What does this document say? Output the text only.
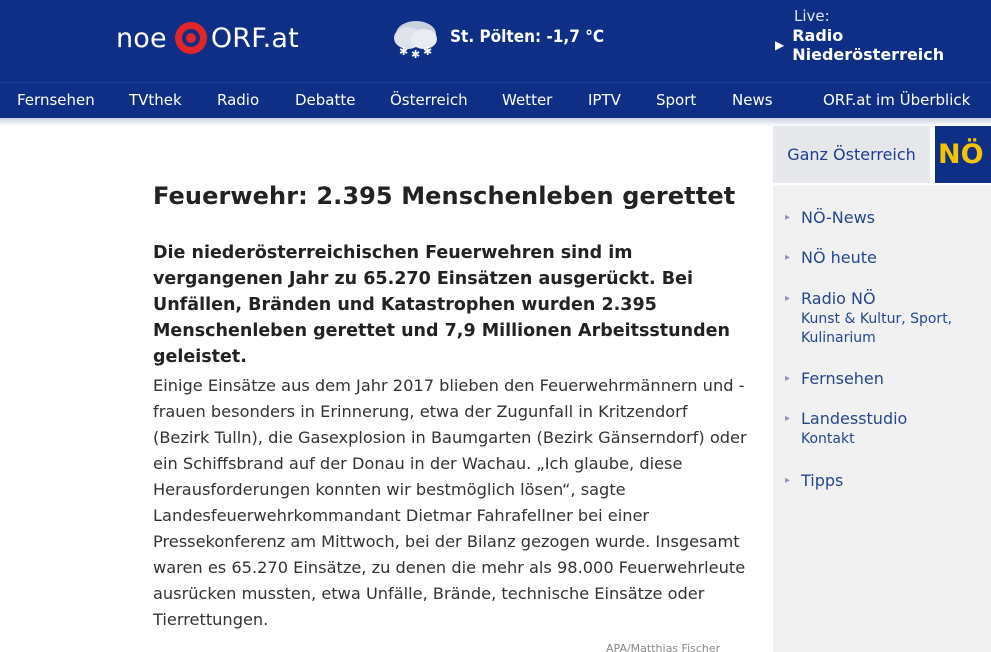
noe ORF.at	✱ ✱ ✱
St. Pölten: -1,7 °C
Live:
▶ Radio Niederösterreich
Fernsehen TVthek Radio Debatte Österreich Wetter IPTV Sport News	ORF.at im Überblick
Feuerwehr: 2.395 Menschenleben gerettet

Die niederösterreichischen Feuerwehren sind im vergangenen Jahr zu 65.270 Einsätzen ausgerückt. Bei Unfällen, Bränden und Katastrophen wurden 2.395 Menschenleben gerettet und 7,9 Millionen Arbeitsstunden geleistet.

Einige Einsätze aus dem Jahr 2017 blieben den Feuerwehrmännern und -frauen besonders in Erinnerung, etwa der Zugunfall in Kritzendorf (Bezirk Tulln), die Gasexplosion in Baumgarten (Bezirk Gänserndorf) oder ein Schiffsbrand auf der Donau in der Wachau. „Ich glaube, diese Herausforderungen konnten wir bestmöglich lösen“, sagte Landesfeuerwehrkommandant Dietmar Fahrafellner bei einer Pressekonferenz am Mittwoch, bei der Bilanz gezogen wurde. Insgesamt waren es 65.270 Einsätze, zu denen die mehr als 98.000 Feuerwehrleute ausrücken mussten, etwa Unfälle, Brände, technische Einsätze oder Tierrettungen.

APA/Matthias Fischer
Ganz Österreich NÖ
▸ NÖ-News
▸ NÖ heute
▸ Radio NÖ
Kunst & Kultur, Sport, Kulinarium
▸ Fernsehen
▸ Landesstudio
Kontakt
▸ Tipps
